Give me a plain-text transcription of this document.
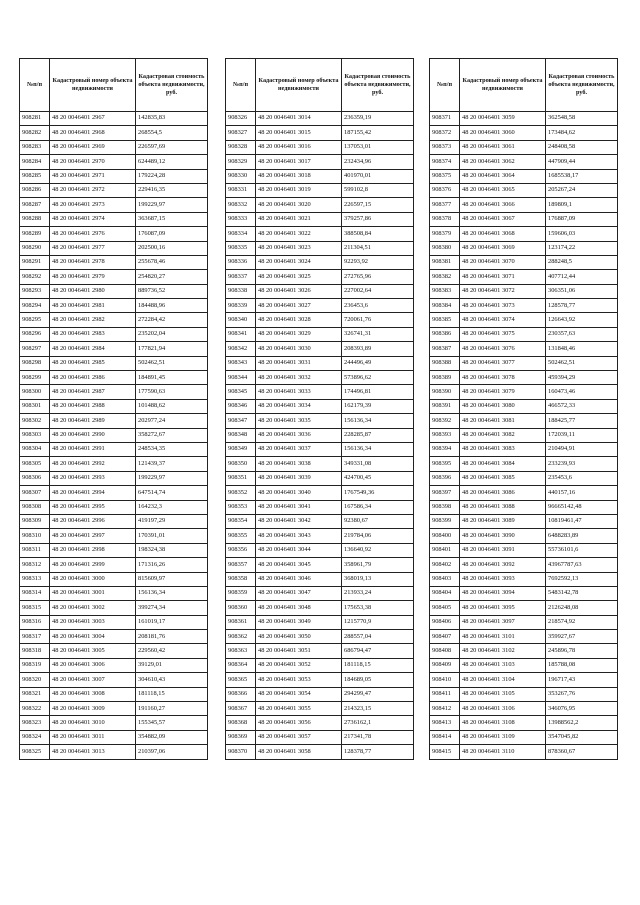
№п/п	Кадастровый номер объекта недвижимости	Кадастровая стоимость объекта недвижимости, руб.
908281	48 20 0046401 2967	142835,83
908282	48 20 0046401 2968	268554,5
908283	48 20 0046401 2969	226597,69
908284	48 20 0046401 2970	624489,12
908285	48 20 0046401 2971	179224,28
908286	48 20 0046401 2972	229416,35
908287	48 20 0046401 2973	199229,97
908288	48 20 0046401 2974	363687,15
908289	48 20 0046401 2976	176087,09
908290	48 20 0046401 2977	202500,16
908291	48 20 0046401 2978	255678,46
908292	48 20 0046401 2979	254820,27
908293	48 20 0046401 2980	889736,52
908294	48 20 0046401 2981	184488,96
908295	48 20 0046401 2982	272284,42
908296	48 20 0046401 2983	235202,04
908297	48 20 0046401 2984	177821,94
908298	48 20 0046401 2985	502462,51
908299	48 20 0046401 2986	184891,45
908300	48 20 0046401 2987	177590,63
908301	48 20 0046401 2988	101488,62
908302	48 20 0046401 2989	202977,24
908303	48 20 0046401 2990	358272,67
908304	48 20 0046401 2991	248534,35
908305	48 20 0046401 2992	121439,37
908306	48 20 0046401 2993	199229,97
908307	48 20 0046401 2994	647514,74
908308	48 20 0046401 2995	164232,3
908309	48 20 0046401 2996	419197,29
908310	48 20 0046401 2997	170391,01
908311	48 20 0046401 2998	198324,38
908312	48 20 0046401 2999	171316,26
908313	48 20 0046401 3000	815609,97
908314	48 20 0046401 3001	156136,34
908315	48 20 0046401 3002	399274,34
908316	48 20 0046401 3003	161019,17
908317	48 20 0046401 3004	208181,76
908318	48 20 0046401 3005	229560,42
908319	48 20 0046401 3006	39129,01
908320	48 20 0046401 3007	304610,43
908321	48 20 0046401 3008	181118,15
908322	48 20 0046401 3009	191160,27
908323	48 20 0046401 3010	155345,57
908324	48 20 0046401 3011	354882,09
908325	48 20 0046401 3013	210397,06
№п/п	Кадастровый номер объекта недвижимости	Кадастровая стоимость объекта недвижимости, руб.
908326	48 20 0046401 3014	236359,19
908327	48 20 0046401 3015	187155,42
908328	48 20 0046401 3016	137053,01
908329	48 20 0046401 3017	232434,96
908330	48 20 0046401 3018	401970,01
908331	48 20 0046401 3019	599102,8
908332	48 20 0046401 3020	226597,15
908333	48 20 0046401 3021	379257,86
908334	48 20 0046401 3022	388508,84
908335	48 20 0046401 3023	211304,51
908336	48 20 0046401 3024	92293,92
908337	48 20 0046401 3025	272765,96
908338	48 20 0046401 3026	227002,64
908339	48 20 0046401 3027	236453,6
908340	48 20 0046401 3028	720061,76
908341	48 20 0046401 3029	326741,31
908342	48 20 0046401 3030	208393,89
908343	48 20 0046401 3031	244496,49
908344	48 20 0046401 3032	573896,62
908345	48 20 0046401 3033	174496,81
908346	48 20 0046401 3034	162179,39
908347	48 20 0046401 3035	156136,34
908348	48 20 0046401 3036	228285,87
908349	48 20 0046401 3037	156136,34
908350	48 20 0046401 3038	349331,08
908351	48 20 0046401 3039	424700,45
908352	48 20 0046401 3040	1767549,36
908353	48 20 0046401 3041	167586,34
908354	48 20 0046401 3042	92380,67
908355	48 20 0046401 3043	219784,06
908356	48 20 0046401 3044	136640,92
908357	48 20 0046401 3045	358961,79
908358	48 20 0046401 3046	368019,13
908359	48 20 0046401 3047	213933,24
908360	48 20 0046401 3048	175653,38
908361	48 20 0046401 3049	1215770,9
908362	48 20 0046401 3050	288557,04
908363	48 20 0046401 3051	686794,47
908364	48 20 0046401 3052	181118,15
908365	48 20 0046401 3053	184689,05
908366	48 20 0046401 3054	294299,47
908367	48 20 0046401 3055	214323,15
908368	48 20 0046401 3056	2736162,1
908369	48 20 0046401 3057	217341,78
908370	48 20 0046401 3058	128378,77
№п/п	Кадастровый номер объекта недвижимости	Кадастровая стоимость объекта недвижимости, руб.
908371	48 20 0046401 3059	362548,58
908372	48 20 0046401 3060	173484,62
908373	48 20 0046401 3061	248408,58
908374	48 20 0046401 3062	447909,44
908375	48 20 0046401 3064	1685538,17
908376	48 20 0046401 3065	205267,24
908377	48 20 0046401 3066	189809,1
908378	48 20 0046401 3067	176887,09
908379	48 20 0046401 3068	159606,03
908380	48 20 0046401 3069	123174,22
908381	48 20 0046401 3070	288248,5
908382	48 20 0046401 3071	407712,44
908383	48 20 0046401 3072	306351,06
908384	48 20 0046401 3073	128578,77
908385	48 20 0046401 3074	126643,92
908386	48 20 0046401 3075	230357,63
908387	48 20 0046401 3076	131848,46
908388	48 20 0046401 3077	502462,51
908389	48 20 0046401 3078	459394,29
908390	48 20 0046401 3079	160473,46
908391	48 20 0046401 3080	466572,33
908392	48 20 0046401 3081	188425,77
908393	48 20 0046401 3082	172039,11
908394	48 20 0046401 3083	210494,91
908395	48 20 0046401 3084	233239,93
908396	48 20 0046401 3085	235453,6
908397	48 20 0046401 3086	440157,16
908398	48 20 0046401 3088	96665142,48
908399	48 20 0046401 3089	10819461,47
908400	48 20 0046401 3090	6488283,89
908401	48 20 0046401 3091	55736101,6
908402	48 20 0046401 3092	43967787,63
908403	48 20 0046401 3093	7692592,13
908404	48 20 0046401 3094	5483142,78
908405	48 20 0046401 3095	2126248,08
908406	48 20 0046401 3097	218574,92
908407	48 20 0046401 3101	359927,67
908408	48 20 0046401 3102	245896,78
908409	48 20 0046401 3103	185788,08
908410	48 20 0046401 3104	196717,43
908411	48 20 0046401 3105	353267,76
908412	48 20 0046401 3106	346076,95
908413	48 20 0046401 3108	13988562,2
908414	48 20 0046401 3109	3547045,82
908415	48 20 0046401 3110	878360,67
